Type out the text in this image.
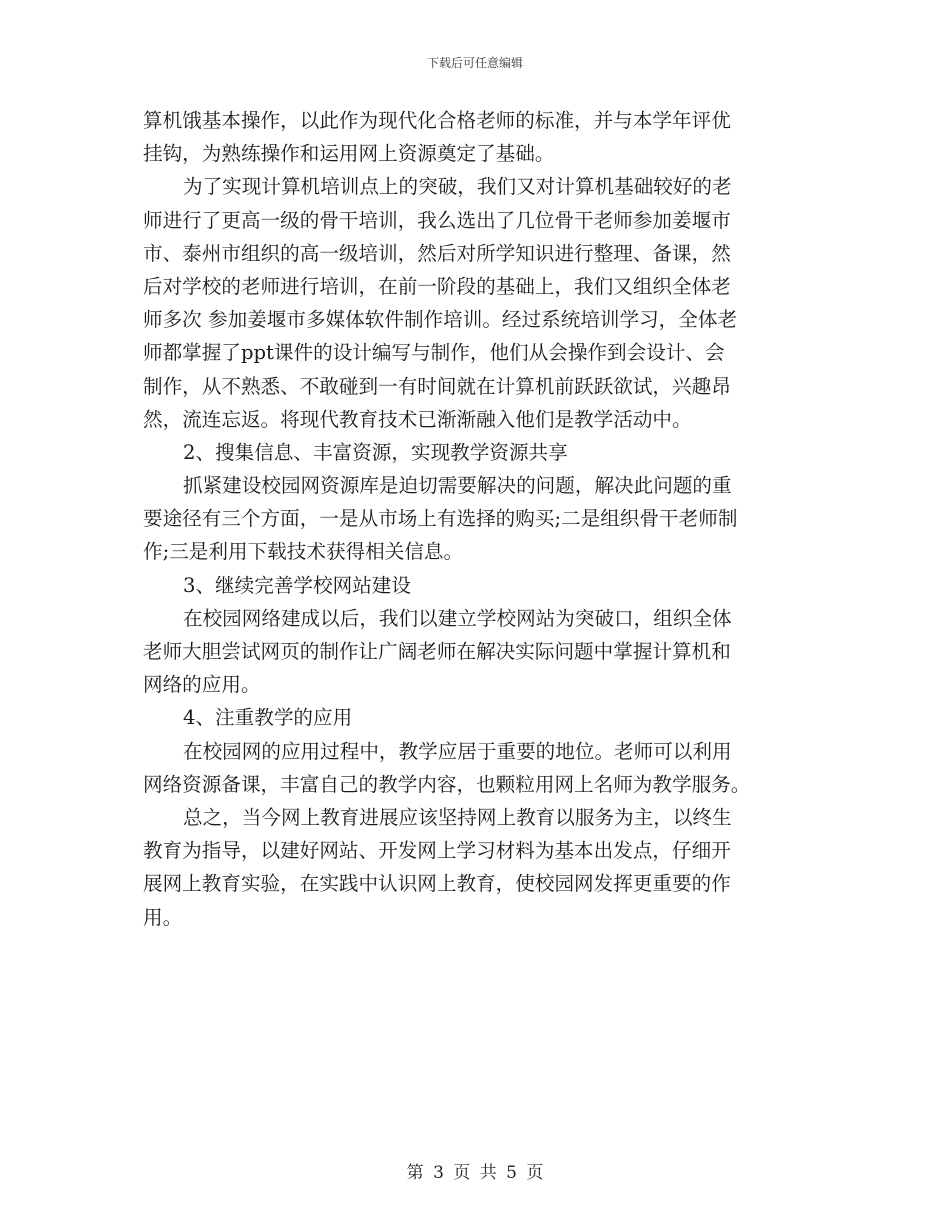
下载后可任意编辑
算机饿基本操作，以此作为现代化合格老师的标准，并与本学年评优
挂钩，为熟练操作和运用网上资源奠定了基础。
为了实现计算机培训点上的突破，我们又对计算机基础较好的老
师进行了更高一级的骨干培训，我么选出了几位骨干老师参加姜堰市
市、泰州市组织的高一级培训，然后对所学知识进行整理、备课，然
后对学校的老师进行培训，在前一阶段的基础上，我们又组织全体老
师多次 参加姜堰市多媒体软件制作培训。经过系统培训学习，全体老
师都掌握了ppt课件的设计编写与制作，他们从会操作到会设计、会
制作，从不熟悉、不敢碰到一有时间就在计算机前跃跃欲试，兴趣昂
然，流连忘返。将现代教育技术已渐渐融入他们是教学活动中。
2、搜集信息、丰富资源，实现教学资源共享
抓紧建设校园网资源库是迫切需要解决的问题，解决此问题的重
要途径有三个方面，一是从市场上有选择的购买;二是组织骨干老师制
作;三是利用下载技术获得相关信息。
3、继续完善学校网站建设
在校园网络建成以后，我们以建立学校网站为突破口，组织全体
老师大胆尝试网页的制作让广阔老师在解决实际问题中掌握计算机和
网络的应用。
4、注重教学的应用
在校园网的应用过程中，教学应居于重要的地位。老师可以利用
网络资源备课，丰富自己的教学内容，也颗粒用网上名师为教学服务。
总之，当今网上教育进展应该坚持网上教育以服务为主，以终生
教育为指导，以建好网站、开发网上学习材料为基本出发点，仔细开
展网上教育实验，在实践中认识网上教育，使校园网发挥更重要的作
用。
第 3 页 共 5 页
